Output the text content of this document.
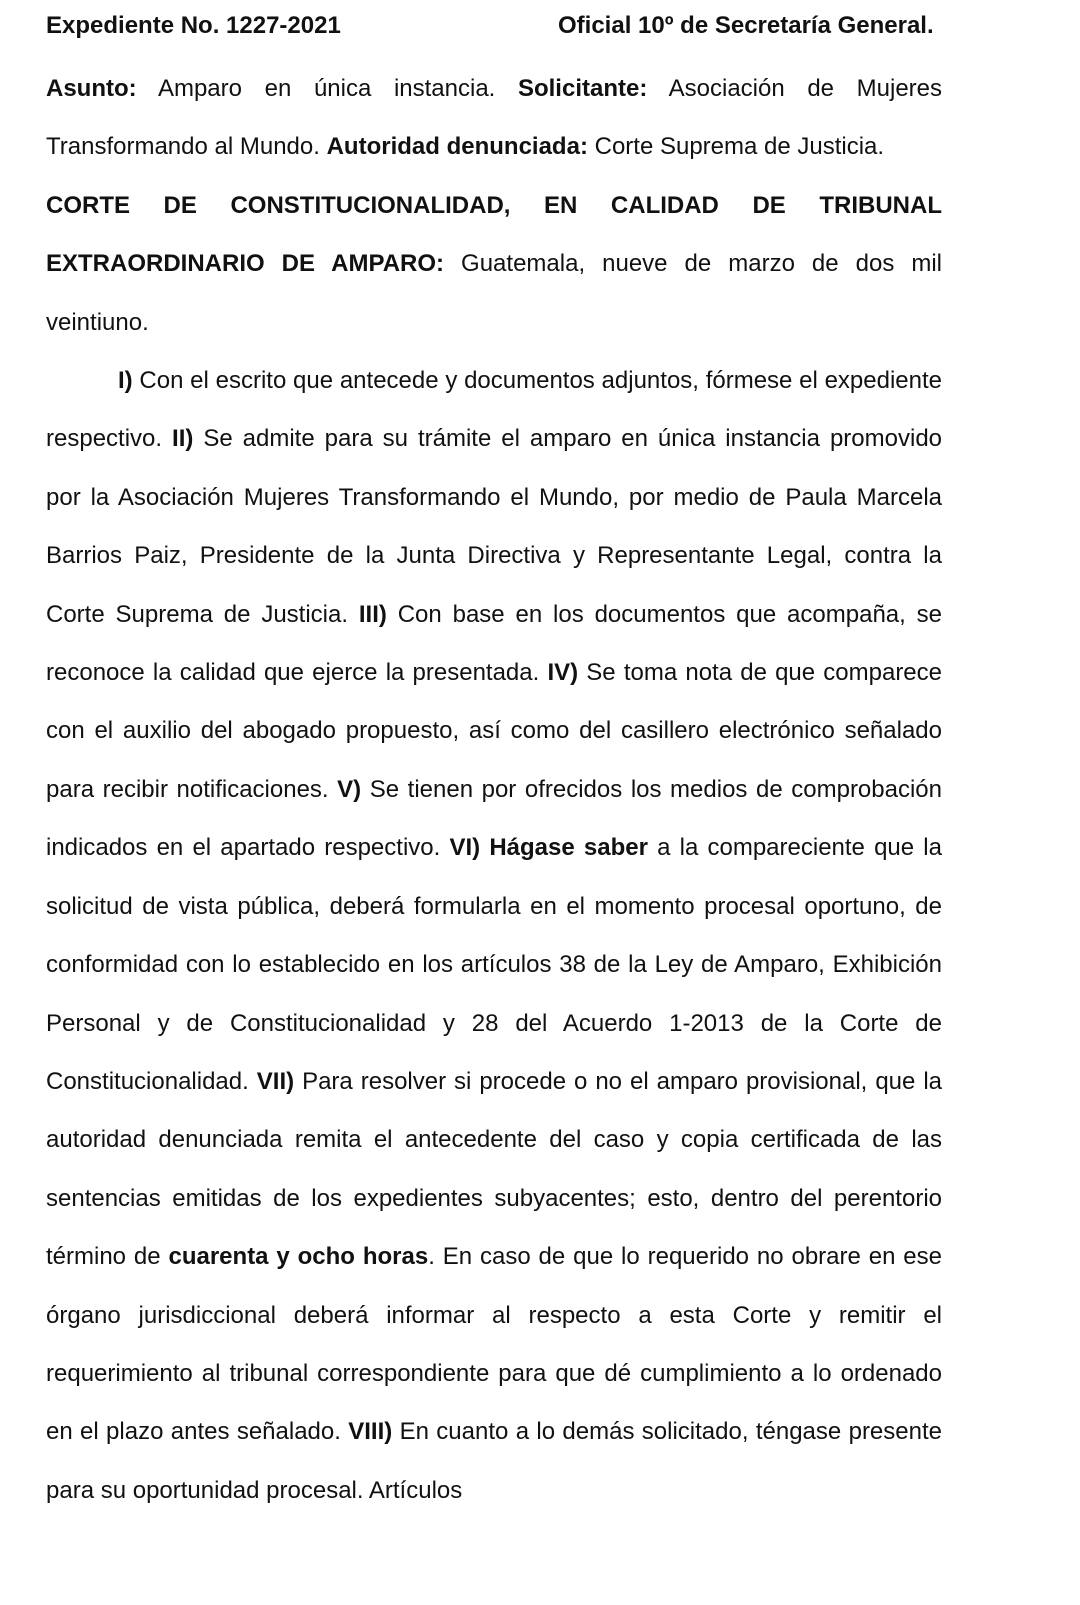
Expediente No. 1227-2021	Oficial 10º de Secretaría General.

Asunto: Amparo en única instancia. Solicitante: Asociación de Mujeres Transformando al Mundo. Autoridad denunciada: Corte Suprema de Justicia.

CORTE DE CONSTITUCIONALIDAD, EN CALIDAD DE TRIBUNAL EXTRAORDINARIO DE AMPARO: Guatemala, nueve de marzo de dos mil veintiuno.

I) Con el escrito que antecede y documentos adjuntos, fórmese el expediente respectivo. II) Se admite para su trámite el amparo en única instancia promovido por la Asociación Mujeres Transformando el Mundo, por medio de Paula Marcela Barrios Paiz, Presidente de la Junta Directiva y Representante Legal, contra la Corte Suprema de Justicia. III) Con base en los documentos que acompaña, se reconoce la calidad que ejerce la presentada. IV) Se toma nota de que comparece con el auxilio del abogado propuesto, así como del casillero electrónico señalado para recibir notificaciones. V) Se tienen por ofrecidos los medios de comprobación indicados en el apartado respectivo. VI) Hágase saber a la compareciente que la solicitud de vista pública, deberá formularla en el momento procesal oportuno, de conformidad con lo establecido en los artículos 38 de la Ley de Amparo, Exhibición Personal y de Constitucionalidad y 28 del Acuerdo 1-2013 de la Corte de Constitucionalidad. VII) Para resolver si procede o no el amparo provisional, que la autoridad denunciada remita el antecedente del caso y copia certificada de las sentencias emitidas de los expedientes subyacentes; esto, dentro del perentorio término de cuarenta y ocho horas. En caso de que lo requerido no obrare en ese órgano jurisdiccional deberá informar al respecto a esta Corte y remitir el requerimiento al tribunal correspondiente para que dé cumplimiento a lo ordenado en el plazo antes señalado. VIII) En cuanto a lo demás solicitado, téngase presente para su oportunidad procesal. Artículos
